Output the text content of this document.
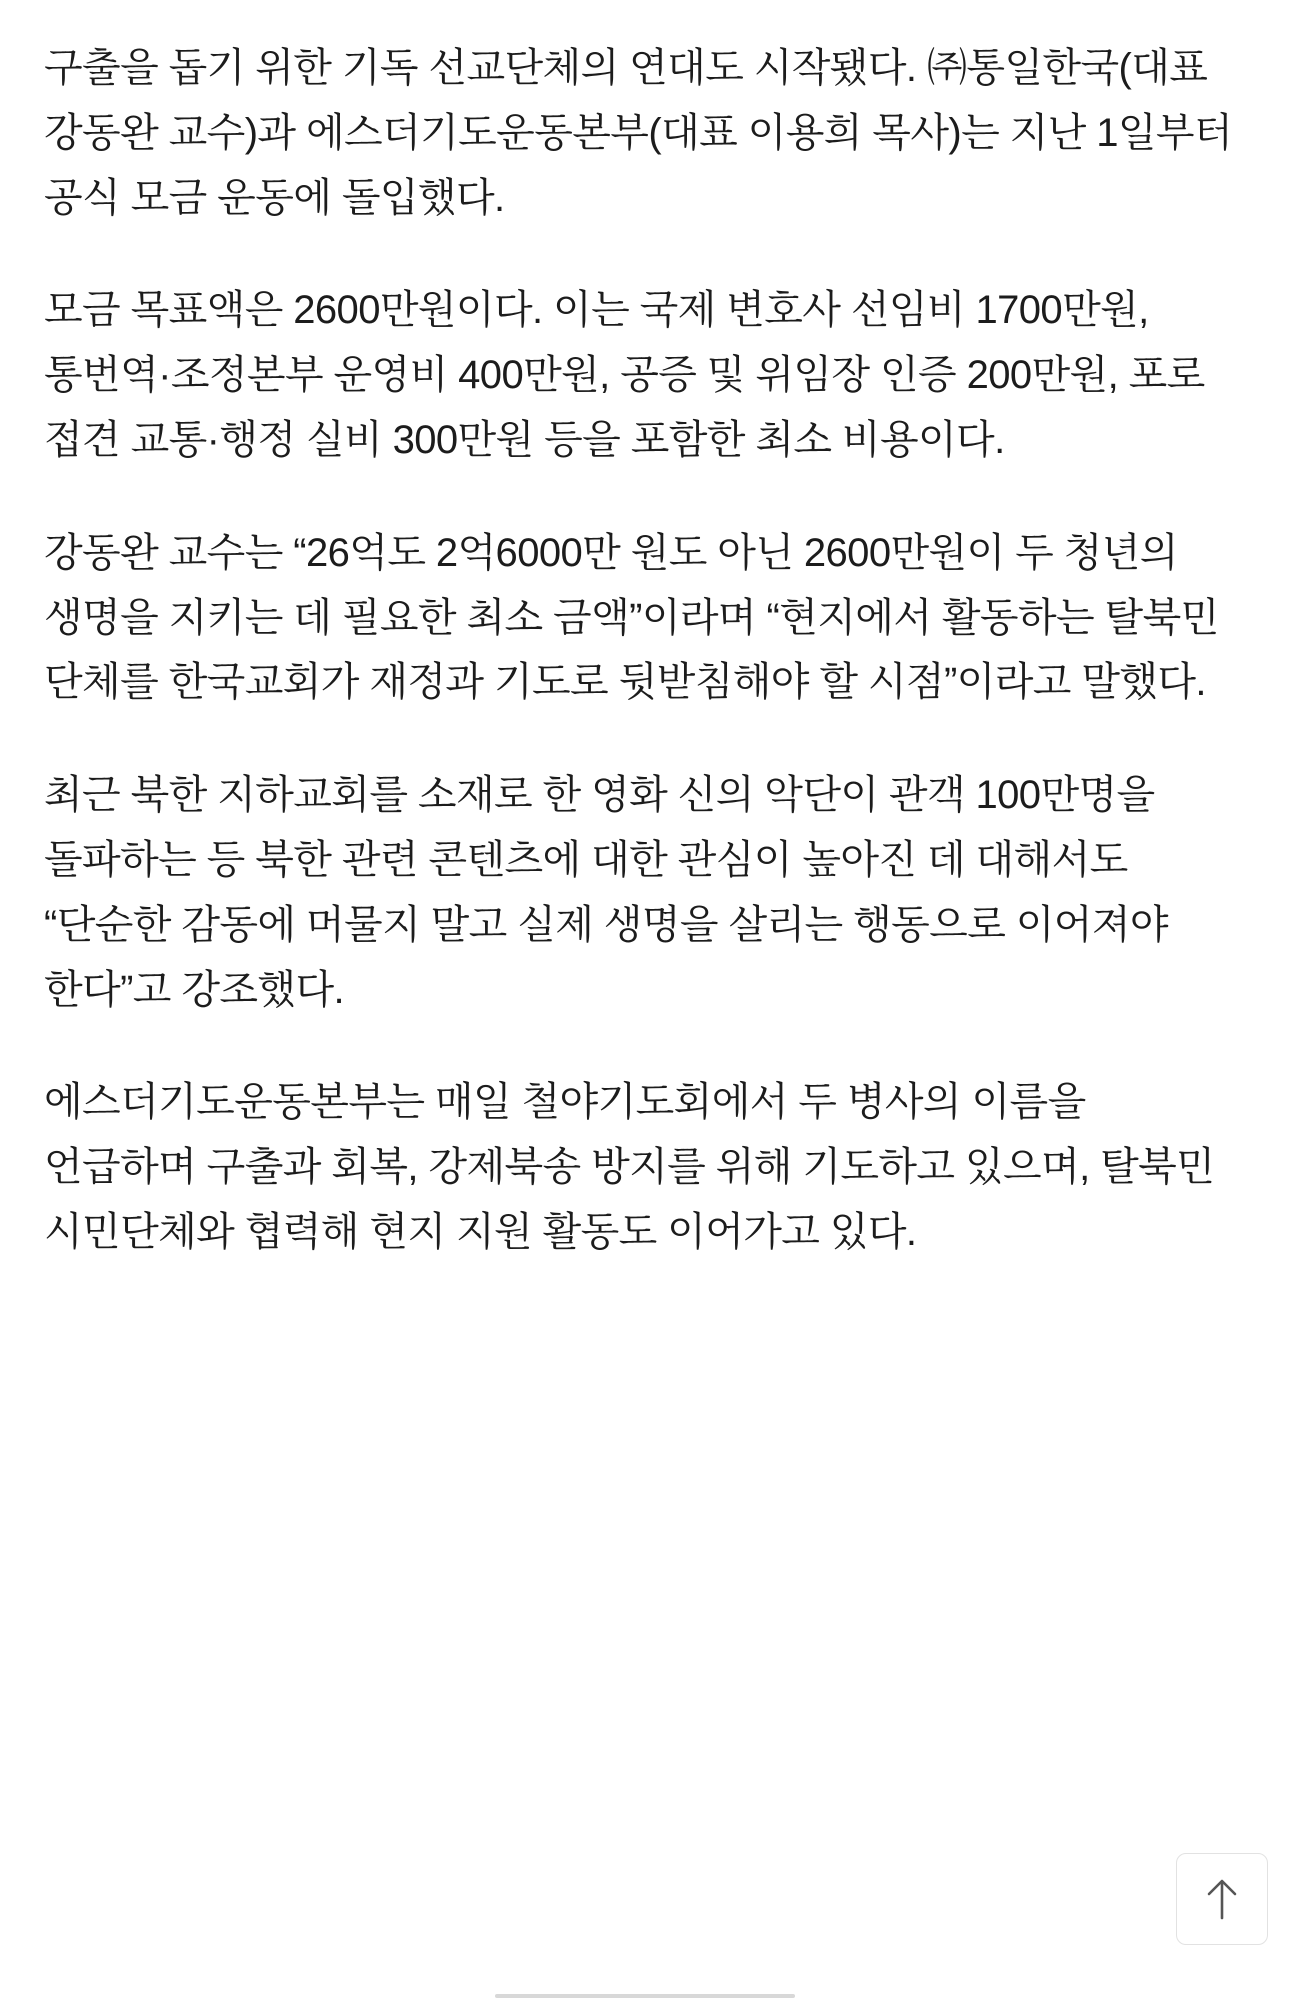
구출을 돕기 위한 기독 선교단체의 연대도 시작됐다. ㈜통일한국(대표 강동완 교수)과 에스더기도운동본부(대표 이용희 목사)는 지난 1일부터 공식 모금 운동에 돌입했다.

모금 목표액은 2600만원이다. 이는 국제 변호사 선임비 1700만원, 통번역·조정본부 운영비 400만원, 공증 및 위임장 인증 200만원, 포로 접견 교통·행정 실비 300만원 등을 포함한 최소 비용이다.

강동완 교수는 “26억도 2억6000만 원도 아닌 2600만원이 두 청년의 생명을 지키는 데 필요한 최소 금액”이라며 “현지에서 활동하는 탈북민 단체를 한국교회가 재정과 기도로 뒷받침해야 할 시점”이라고 말했다.

최근 북한 지하교회를 소재로 한 영화 신의 악단이 관객 100만명을 돌파하는 등 북한 관련 콘텐츠에 대한 관심이 높아진 데 대해서도 “단순한 감동에 머물지 말고 실제 생명을 살리는 행동으로 이어져야 한다”고 강조했다.

에스더기도운동본부는 매일 철야기도회에서 두 병사의 이름을 언급하며 구출과 회복, 강제북송 방지를 위해 기도하고 있으며, 탈북민 시민단체와 협력해 현지 지원 활동도 이어가고 있다.
